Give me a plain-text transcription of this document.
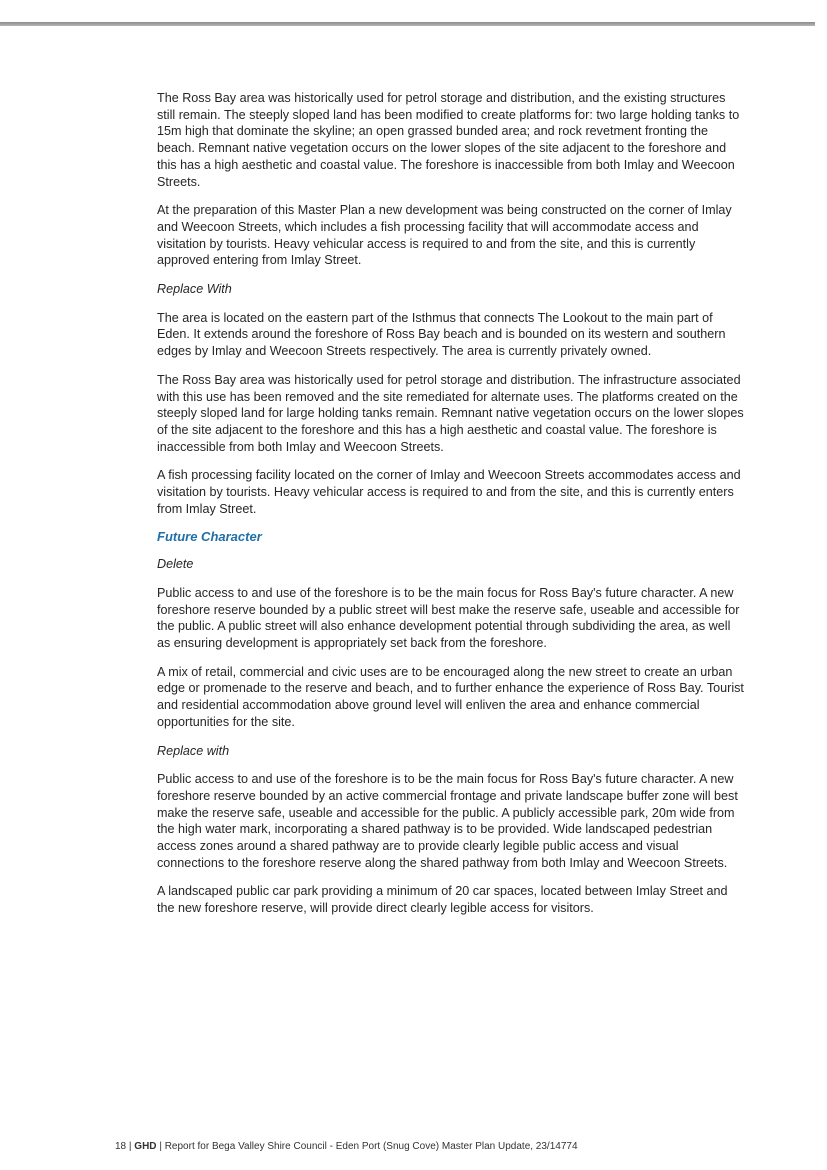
The Ross Bay area was historically used for petrol storage and distribution, and the existing structures still remain. The steeply sloped land has been modified to create platforms for: two large holding tanks to 15m high that dominate the skyline; an open grassed bunded area; and rock revetment fronting the beach. Remnant native vegetation occurs on the lower slopes of the site adjacent to the foreshore and this has a high aesthetic and coastal value. The foreshore is inaccessible from both Imlay and Weecoon Streets.

At the preparation of this Master Plan a new development was being constructed on the corner of Imlay and Weecoon Streets, which includes a fish processing facility that will accommodate access and visitation by tourists. Heavy vehicular access is required to and from the site, and this is currently approved entering from Imlay Street.

Replace With

The area is located on the eastern part of the Isthmus that connects The Lookout to the main part of Eden. It extends around the foreshore of Ross Bay beach and is bounded on its western and southern edges by Imlay and Weecoon Streets respectively. The area is currently privately owned.

The Ross Bay area was historically used for petrol storage and distribution. The infrastructure associated with this use has been removed and the site remediated for alternate uses. The platforms created on the steeply sloped land for large holding tanks remain. Remnant native vegetation occurs on the lower slopes of the site adjacent to the foreshore and this has a high aesthetic and coastal value. The foreshore is inaccessible from both Imlay and Weecoon Streets.

A fish processing facility located on the corner of Imlay and Weecoon Streets accommodates access and visitation by tourists. Heavy vehicular access is required to and from the site, and this is currently enters from Imlay Street.

Future Character

Delete

Public access to and use of the foreshore is to be the main focus for Ross Bay's future character. A new foreshore reserve bounded by a public street will best make the reserve safe, useable and accessible for the public. A public street will also enhance development potential through subdividing the area, as well as ensuring development is appropriately set back from the foreshore.

A mix of retail, commercial and civic uses are to be encouraged along the new street to create an urban edge or promenade to the reserve and beach, and to further enhance the experience of Ross Bay. Tourist and residential accommodation above ground level will enliven the area and enhance commercial opportunities for the site.

Replace with

Public access to and use of the foreshore is to be the main focus for Ross Bay's future character. A new foreshore reserve bounded by an active commercial frontage and private landscape buffer zone will best make the reserve safe, useable and accessible for the public. A publicly accessible park, 20m wide from the high water mark, incorporating a shared pathway is to be provided. Wide landscaped pedestrian access zones around a shared pathway are to provide clearly legible public access and visual connections to the foreshore reserve along the shared pathway from both Imlay and Weecoon Streets.

A landscaped public car park providing a minimum of 20 car spaces, located between Imlay Street and the new foreshore reserve, will provide direct clearly legible access for visitors.

18 | GHD | Report for Bega Valley Shire Council - Eden Port (Snug Cove) Master Plan Update, 23/14774
